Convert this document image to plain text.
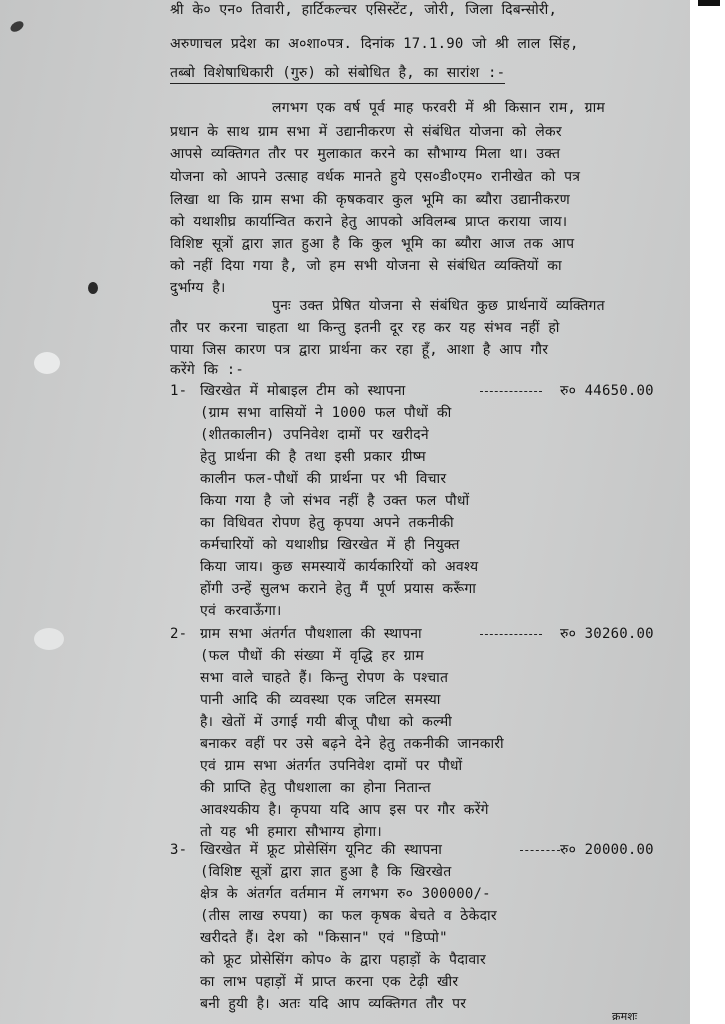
श्री के० एन० तिवारी, हार्टिकल्चर एसिस्टेंट, जोरी, जिला दिबन्सोरी,
अरुणाचल प्रदेश का अ०शा०पत्र. दिनांक 17.1.90 जो श्री लाल सिंह,
तब्बो विशेषाधिकारी (गुरु) को संबोधित है, का सारांश :-
लगभग एक वर्ष पूर्व माह फरवरी में श्री किसान राम, ग्राम
प्रधान के साथ ग्राम सभा में उद्यानीकरण से संबंधित योजना को लेकर
आपसे व्यक्तिगत तौर पर मुलाकात करने का सौभाग्य मिला था। उक्त
योजना को आपने उत्साह वर्धक मानते हुये एस०डी०एम० रानीखेत को पत्र
लिखा था कि ग्राम सभा की कृषकवार कुल भूमि का ब्यौरा उद्यानीकरण
को यथाशीघ्र कार्यान्वित कराने हेतु आपको अविलम्ब प्राप्त कराया जाय।
विशिष्ट सूत्रों द्वारा ज्ञात हुआ है कि कुल भूमि का ब्यौरा आज तक आप
को नहीं दिया गया है, जो हम सभी योजना से संबंधित व्यक्तियों का
दुर्भाग्य है।
पुनः उक्त प्रेषित योजना से संबंधित कुछ प्रार्थनायें व्यक्तिगत
तौर पर करना चाहता था किन्तु इतनी दूर रह कर यह संभव नहीं हो
पाया जिस कारण पत्र द्वारा प्रार्थना कर रहा हूँ, आशा है आप गौर
करेंगे कि :-
1- खिरखेत में मोबाइल टीम को स्थापना	रु० 44650.00
(ग्राम सभा वासियों ने 1000 फल पौधों की
(शीतकालीन) उपनिवेश दामों पर खरीदने
हेतु प्रार्थना की है तथा इसी प्रकार ग्रीष्म
कालीन फल-पौधों की प्रार्थना पर भी विचार
किया गया है जो संभव नहीं है उक्त फल पौधों
का विधिवत रोपण हेतु कृपया अपने तकनीकी
कर्मचारियों को यथाशीघ्र खिरखेत में ही नियुक्त
किया जाय। कुछ समस्यायें कार्यकारियों को अवश्य
होंगी उन्हें सुलभ कराने हेतु मैं पूर्ण प्रयास करूँगा
एवं करवाऊँगा।
2- ग्राम सभा अंतर्गत पौधशाला की स्थापना	रु० 30260.00
(फल पौधों की संख्या में वृद्धि हर ग्राम
सभा वाले चाहते हैं। किन्तु रोपण के पश्चात
पानी आदि की व्यवस्था एक जटिल समस्या
है। खेतों में उगाई गयी बीजू पौधा को कल्मी
बनाकर वहीं पर उसे बढ़ने देने हेतु तकनीकी जानकारी
एवं ग्राम सभा अंतर्गत उपनिवेश दामों पर पौधों
की प्राप्ति हेतु पौधशाला का होना नितान्त
आवश्यकीय है। कृपया यदि आप इस पर गौर करेंगे
तो यह भी हमारा सौभाग्य होगा।
3- खिरखेत में फ्रूट प्रोसेसिंग यूनिट की स्थापना	रु० 20000.00
(विशिष्ट सूत्रों द्वारा ज्ञात हुआ है कि खिरखेत
क्षेत्र के अंतर्गत वर्तमान में लगभग रु० 300000/-
(तीस लाख रुपया) का फल कृषक बेचते व ठेकेदार
खरीदते हैं। देश को "किसान" एवं "डिप्पो"
को फ्रूट प्रोसेसिंग कोप० के द्वारा पहाड़ों के पैदावार
का लाभ पहाड़ों में प्राप्त करना एक टेढ़ी खीर
बनी हुयी है। अतः यदि आप व्यक्तिगत तौर पर
क्रमशः
